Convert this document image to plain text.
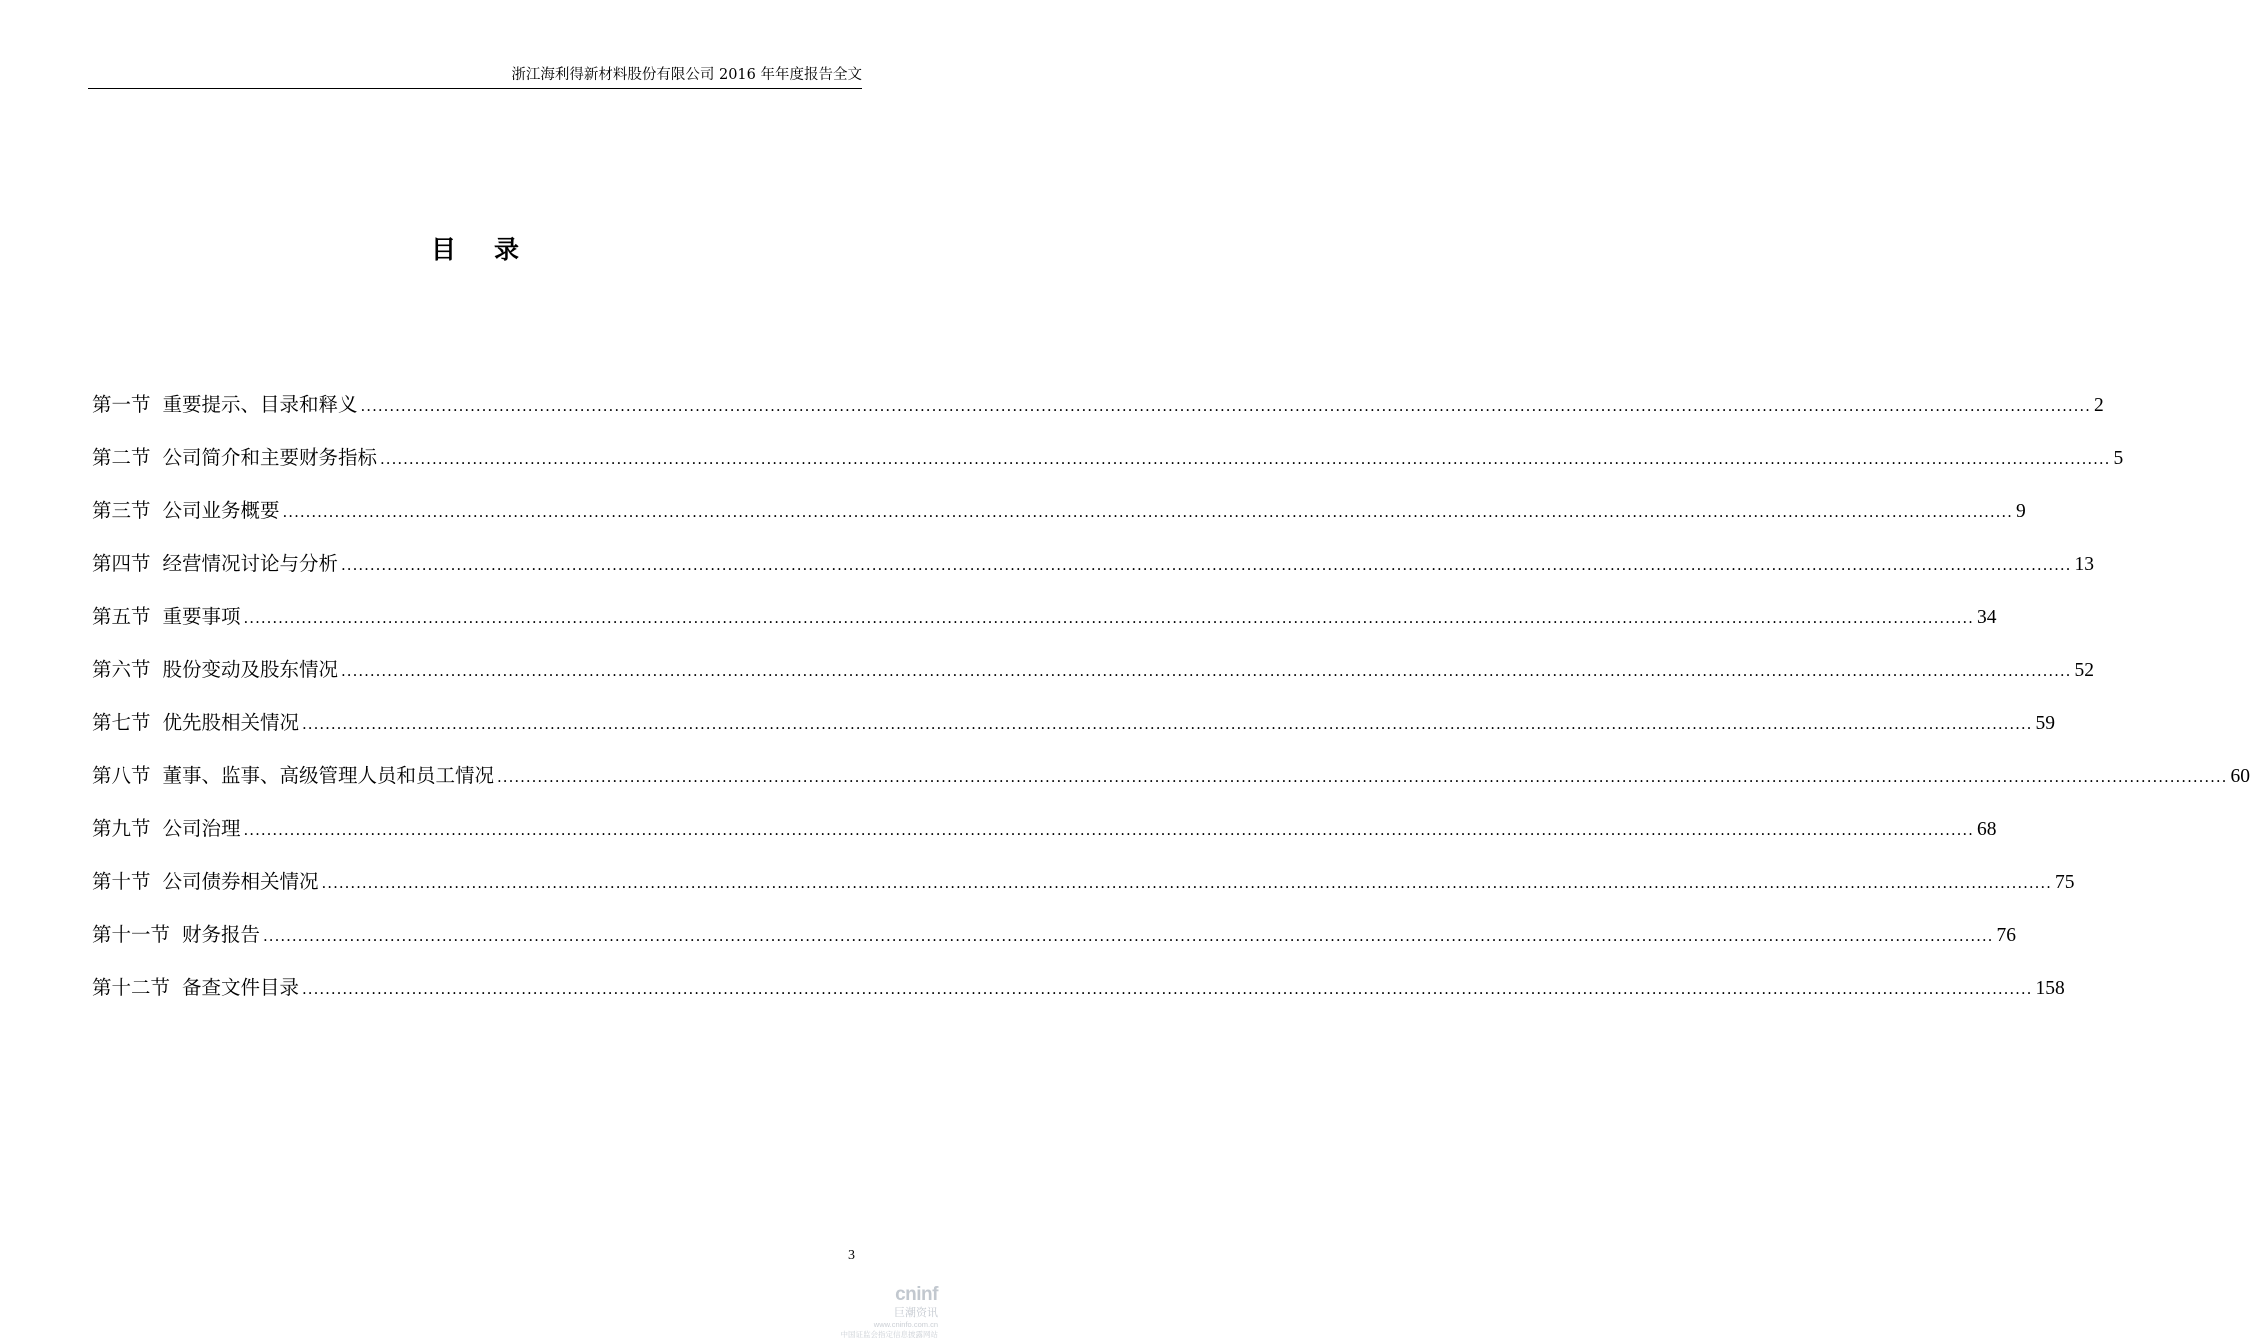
浙江海利得新材料股份有限公司 2016 年年度报告全文
目录
第一节 重要提示、目录和释义 ............................................................................................................................................................................................................................................................................................................ 2
第二节 公司简介和主要财务指标 ............................................................................................................................................................................................................................................................................................................ 5
第三节 公司业务概要 ............................................................................................................................................................................................................................................................................................................ 9
第四节 经营情况讨论与分析 ............................................................................................................................................................................................................................................................................................................ 13
第五节 重要事项 ............................................................................................................................................................................................................................................................................................................ 34
第六节 股份变动及股东情况 ............................................................................................................................................................................................................................................................................................................ 52
第七节 优先股相关情况 ............................................................................................................................................................................................................................................................................................................ 59
第八节 董事、监事、高级管理人员和员工情况 ............................................................................................................................................................................................................................................................................................................ 60
第九节 公司治理 ............................................................................................................................................................................................................................................................................................................ 68
第十节 公司债券相关情况 ............................................................................................................................................................................................................................................................................................................ 75
第十一节 财务报告 ............................................................................................................................................................................................................................................................................................................ 76
第十二节 备查文件目录 ............................................................................................................................................................................................................................................................................................................ 158
3
cninf
巨潮资讯
www.cninfo.com.cn
中国证监会指定信息披露网站
